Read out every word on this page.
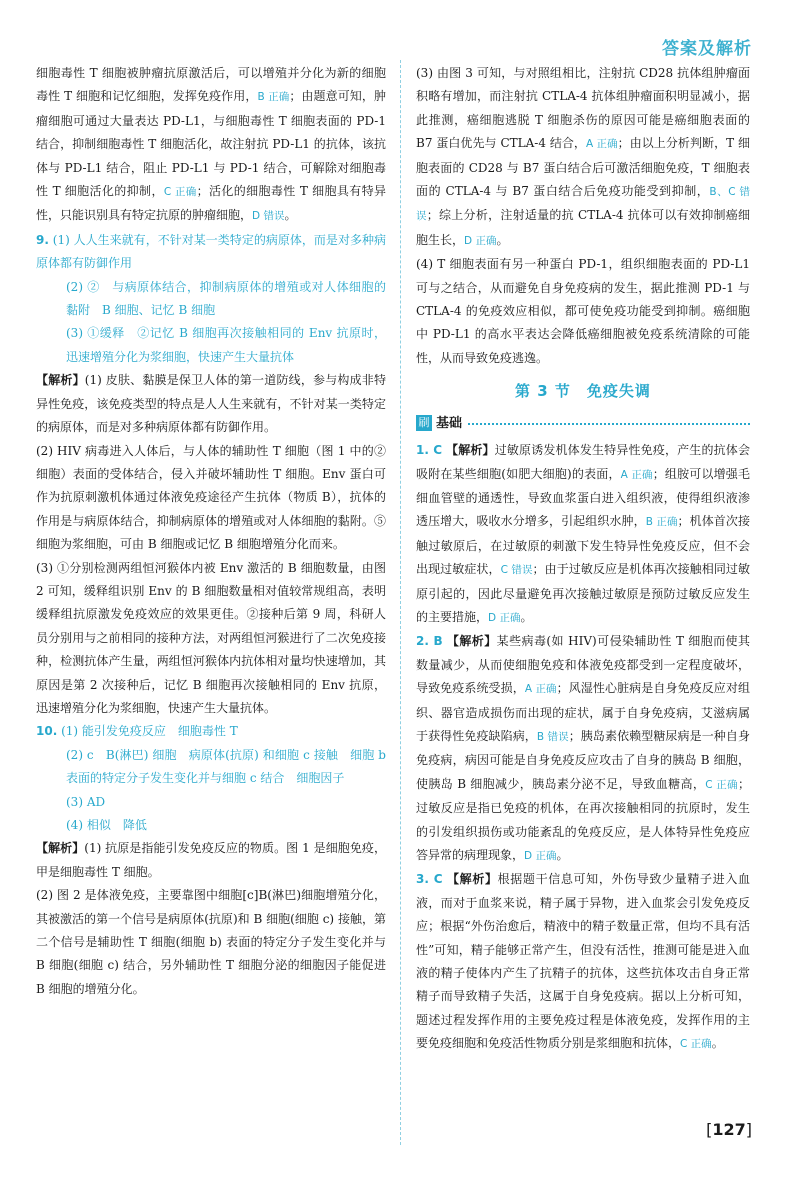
答案及解析

细胞毒性 T 细胞被肿瘤抗原激活后，可以增殖并分化为新的细胞毒性 T 细胞和记忆细胞，发挥免疫作用，B 正确；由题意可知，肿瘤细胞可通过大量表达 PD-L1，与细胞毒性 T 细胞表面的 PD-1 结合，抑制细胞毒性 T 细胞活化，故注射抗 PD-L1 的抗体，该抗体与 PD-L1 结合，阻止 PD-L1 与 PD-1 结合，可解除对细胞毒性 T 细胞活化的抑制，C 正确；活化的细胞毒性 T 细胞具有特异性，只能识别具有特定抗原的肿瘤细胞，D 错误。

9. (1) 人人生来就有，不针对某一类特定的病原体，而是对多种病原体都有防御作用

(2) ②　与病原体结合，抑制病原体的增殖或对人体细胞的黏附　B 细胞、记忆 B 细胞

(3) ①缓释　②记忆 B 细胞再次接触相同的 Env 抗原时，迅速增殖分化为浆细胞，快速产生大量抗体

【解析】(1) 皮肤、黏膜是保卫人体的第一道防线，参与构成非特异性免疫，该免疫类型的特点是人人生来就有，不针对某一类特定的病原体，而是对多种病原体都有防御作用。

(2) HIV 病毒进入人体后，与人体的辅助性 T 细胞（图 1 中的②细胞）表面的受体结合，侵入并破坏辅助性 T 细胞。Env 蛋白可作为抗原刺激机体通过体液免疫途径产生抗体（物质 B），抗体的作用是与病原体结合，抑制病原体的增殖或对人体细胞的黏附。⑤细胞为浆细胞，可由 B 细胞或记忆 B 细胞增殖分化而来。

(3) ①分别检测两组恒河猴体内被 Env 激活的 B 细胞数量，由图 2 可知，缓释组识别 Env 的 B 细胞数量相对值较常规组高，表明缓释组抗原激发免疫效应的效果更佳。②接种后第 9 周，科研人员分别用与之前相同的接种方法，对两组恒河猴进行了二次免疫接种，检测抗体产生量，两组恒河猴体内抗体相对量均快速增加，其原因是第 2 次接种后，记忆 B 细胞再次接触相同的 Env 抗原，迅速增殖分化为浆细胞，快速产生大量抗体。

10. (1) 能引发免疫反应　细胞毒性 T

(2) c　B(淋巴) 细胞　病原体(抗原) 和细胞 c 接触　细胞 b 表面的特定分子发生变化并与细胞 c 结合　细胞因子

(3) AD

(4) 相似　降低

【解析】(1) 抗原是指能引发免疫反应的物质。图 1 是细胞免疫，甲是细胞毒性 T 细胞。

(2) 图 2 是体液免疫，主要靠图中细胞[c]B(淋巴)细胞增殖分化，其被激活的第一个信号是病原体(抗原)和 B 细胞(细胞 c) 接触，第二个信号是辅助性 T 细胞(细胞 b) 表面的特定分子发生变化并与 B 细胞(细胞 c) 结合，另外辅助性 T 细胞分泌的细胞因子能促进 B 细胞的增殖分化。

(3) 由图 3 可知，与对照组相比，注射抗 CD28 抗体组肿瘤面积略有增加，而注射抗 CTLA-4 抗体组肿瘤面积明显减小，据此推测，癌细胞逃脱 T 细胞杀伤的原因可能是癌细胞表面的 B7 蛋白优先与 CTLA-4 结合，A 正确；由以上分析判断，T 细胞表面的 CD28 与 B7 蛋白结合后可激活细胞免疫，T 细胞表面的 CTLA-4 与 B7 蛋白结合后免疫功能受到抑制，B、C 错误；综上分析，注射适量的抗 CTLA-4 抗体可以有效抑制癌细胞生长，D 正确。

(4) T 细胞表面有另一种蛋白 PD-1，组织细胞表面的 PD-L1 可与之结合，从而避免自身免疫病的发生，据此推测 PD-1 与 CTLA-4 的免疫效应相似，都可使免疫功能受到抑制。癌细胞中 PD-L1 的高水平表达会降低癌细胞被免疫系统清除的可能性，从而导致免疫逃逸。

第 3 节　免疫失调
刷 基础

1. C 【解析】过敏原诱发机体发生特异性免疫，产生的抗体会吸附在某些细胞(如肥大细胞)的表面，A 正确；组胺可以增强毛细血管壁的通透性，导致血浆蛋白进入组织液，使得组织液渗透压增大，吸收水分增多，引起组织水肿，B 正确；机体首次接触过敏原后，在过敏原的刺激下发生特异性免疫反应，但不会出现过敏症状，C 错误；由于过敏反应是机体再次接触相同过敏原引起的，因此尽量避免再次接触过敏原是预防过敏反应发生的主要措施，D 正确。

2. B 【解析】某些病毒(如 HIV)可侵染辅助性 T 细胞而使其数量减少，从而使细胞免疫和体液免疫都受到一定程度破坏，导致免疫系统受损，A 正确；风湿性心脏病是自身免疫反应对组织、器官造成损伤而出现的症状，属于自身免疫病，艾滋病属于获得性免疫缺陷病，B 错误；胰岛素依赖型糖尿病是一种自身免疫病，病因可能是自身免疫反应攻击了自身的胰岛 B 细胞，使胰岛 B 细胞减少，胰岛素分泌不足，导致血糖高，C 正确；过敏反应是指已免疫的机体，在再次接触相同的抗原时，发生的引发组织损伤或功能紊乱的免疫反应，是人体特异性免疫应答异常的病理现象，D 正确。

3. C 【解析】根据题干信息可知，外伤导致少量精子进入血液，而对于血浆来说，精子属于异物，进入血浆会引发免疫反应；根据“外伤治愈后，精液中的精子数量正常，但均不具有活性”可知，精子能够正常产生，但没有活性，推测可能是进入血液的精子使体内产生了抗精子的抗体，这些抗体攻击自身正常精子而导致精子失活，这属于自身免疫病。据以上分析可知，题述过程发挥作用的主要免疫过程是体液免疫，发挥作用的主要免疫细胞和免疫活性物质分别是浆细胞和抗体，C 正确。

[127]
